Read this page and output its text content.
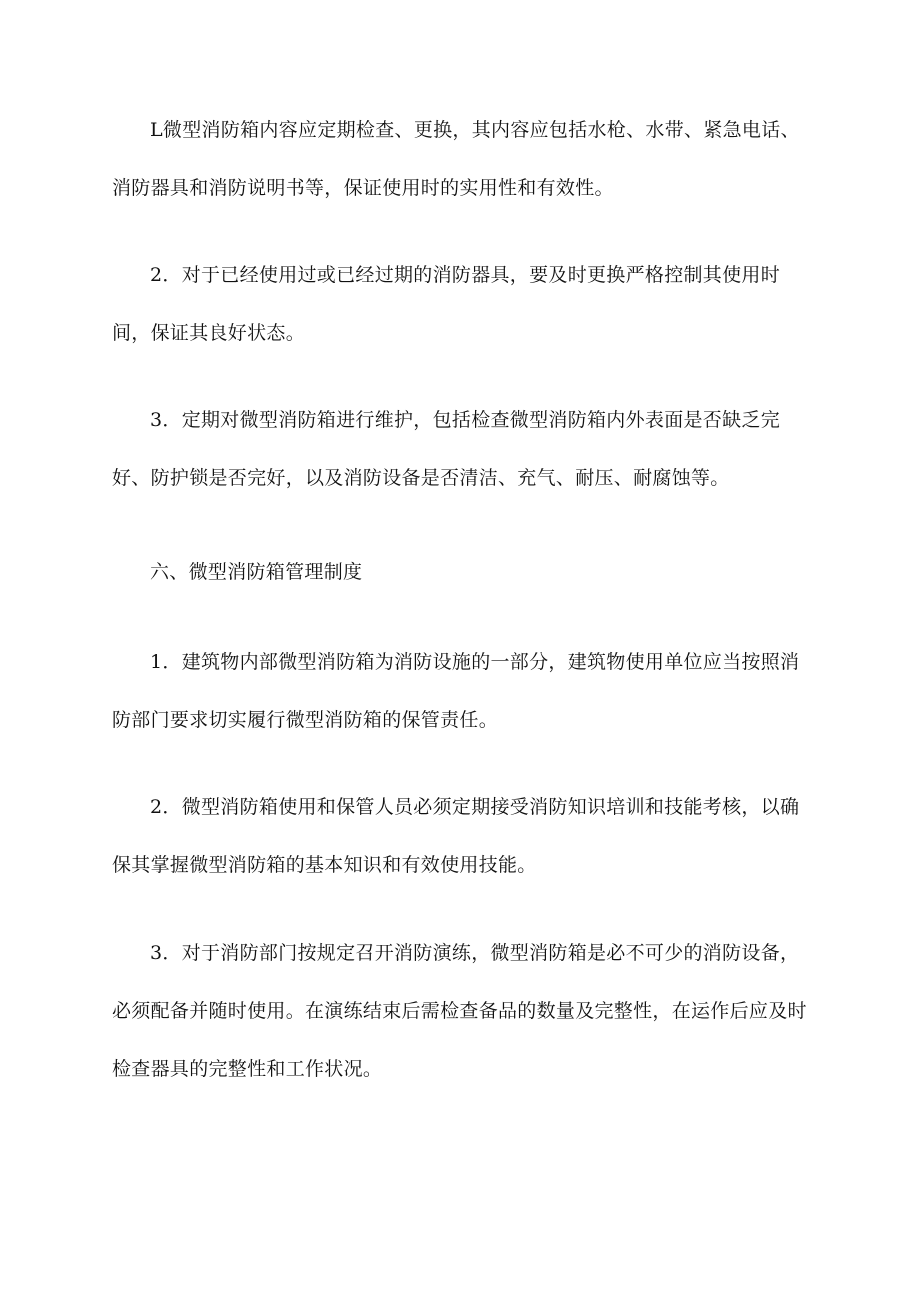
L微型消防箱内容应定期检查、更换，其内容应包括水枪、水带、紧急电话、消防器具和消防说明书等，保证使用时的实用性和有效性。

2．对于已经使用过或已经过期的消防器具，要及时更换严格控制其使用时间，保证其良好状态。

3．定期对微型消防箱进行维护，包括检查微型消防箱内外表面是否缺乏完好、防护锁是否完好，以及消防设备是否清洁、充气、耐压、耐腐蚀等。

六、微型消防箱管理制度

1．建筑物内部微型消防箱为消防设施的一部分，建筑物使用单位应当按照消防部门要求切实履行微型消防箱的保管责任。

2．微型消防箱使用和保管人员必须定期接受消防知识培训和技能考核，以确保其掌握微型消防箱的基本知识和有效使用技能。

3．对于消防部门按规定召开消防演练，微型消防箱是必不可少的消防设备，必须配备并随时使用。在演练结束后需检查备品的数量及完整性，在运作后应及时检查器具的完整性和工作状况。
